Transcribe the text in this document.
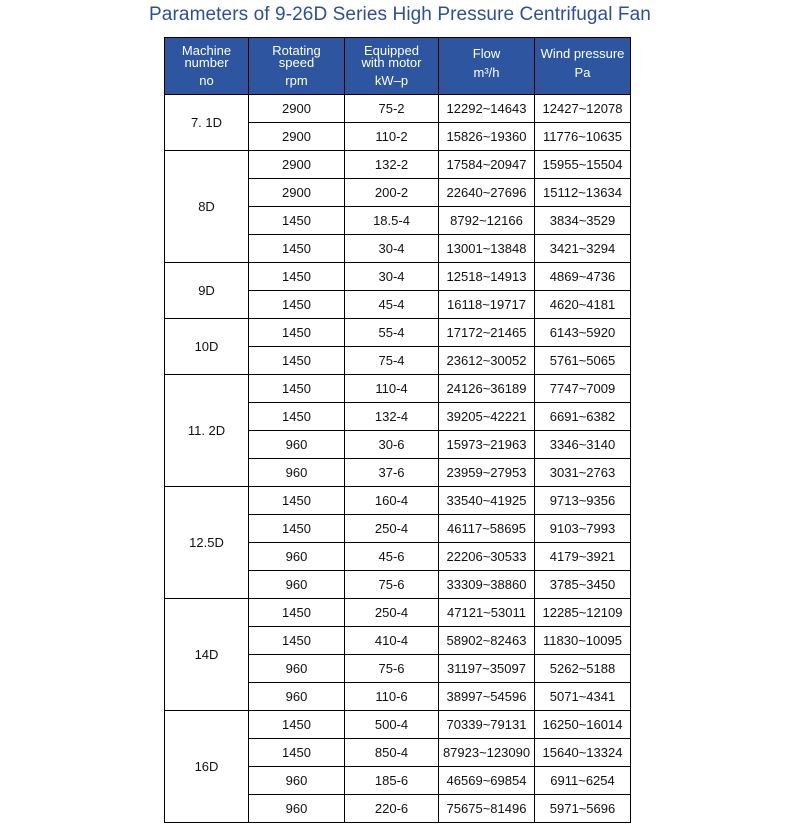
Parameters of 9-26D Series High Pressure Centrifugal Fan
Machine
number
no	Rotating
speed
rpm	Equipped
with motor
kW–p	Flow
m³/h	Wind pressure
Pa

7. 1D	2900	75-2	12292~14643	12427~12078
	2900	110-2	15826~19360	11776~10635
8D	2900	132-2	17584~20947	15955~15504
	2900	200-2	22640~27696	15112~13634
	1450	18.5-4	8792~12166	3834~3529
	1450	30-4	13001~13848	3421~3294
9D	1450	30-4	12518~14913	4869~4736
	1450	45-4	16118~19717	4620~4181
10D	1450	55-4	17172~21465	6143~5920
	1450	75-4	23612~30052	5761~5065
11. 2D	1450	110-4	24126~36189	7747~7009
	1450	132-4	39205~42221	6691~6382
	960	30-6	15973~21963	3346~3140
	960	37-6	23959~27953	3031~2763
12.5D	1450	160-4	33540~41925	9713~9356
	1450	250-4	46117~58695	9103~7993
	960	45-6	22206~30533	4179~3921
	960	75-6	33309~38860	3785~3450
14D	1450	250-4	47121~53011	12285~12109
	1450	410-4	58902~82463	11830~10095
	960	75-6	31197~35097	5262~5188
	960	110-6	38997~54596	5071~4341
16D	1450	500-4	70339~79131	16250~16014
	1450	850-4	87923~123090	15640~13324
	960	185-6	46569~69854	6911~6254
	960	220-6	75675~81496	5971~5696
